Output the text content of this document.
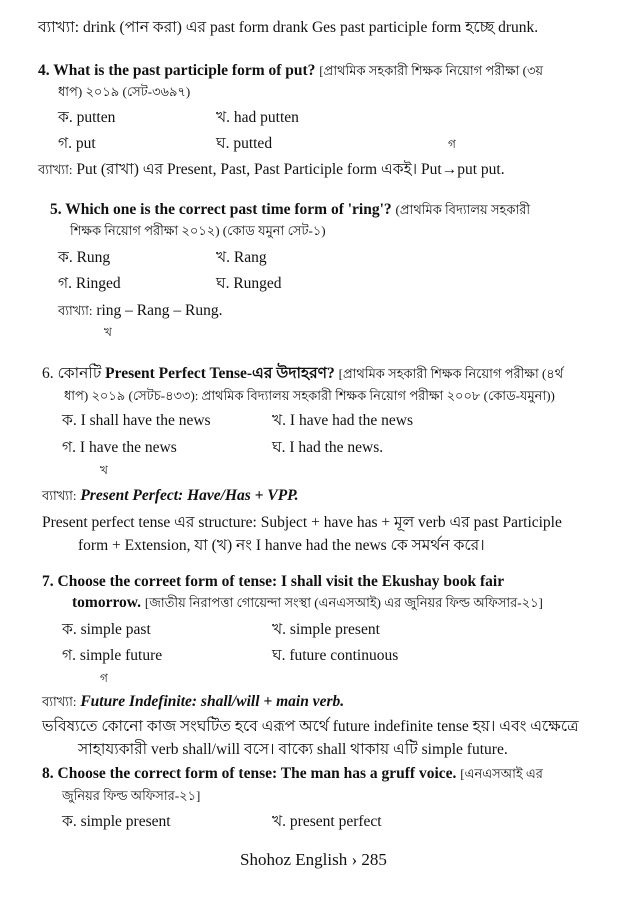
ব্যাখ্যা: drink (পান করা) এর past form drank Ges past participle form হচ্ছে drunk.
4. What is the past participle form of put? [প্রাথমিক সহকারী শিক্ষক নিয়োগ পরীক্ষা (৩য়
ধাপ) ২০১৯ (সেট-৩৬৯৭)
ক. putten	খ. had putten
গ. put	ঘ. putted	গ
ব্যাখ্যা: Put (রাখা) এর Present, Past, Past Participle form একই। Put→put put.
5. Which one is the correct past time form of 'ring'? (প্রাথমিক বিদ্যালয় সহকারী
শিক্ষক নিয়োগ পরীক্ষা ২০১২) (কোড যমুনা সেট-১)
ক. Rung	খ. Rang
গ. Ringed	ঘ. Runged
ব্যাখ্যা: ring – Rang – Rung.
খ
6. কোনটি Present Perfect Tense-এর উদাহরণ? [প্রাথমিক সহকারী শিক্ষক নিয়োগ পরীক্ষা (৪র্থ
ধাপ) ২০১৯ (সেটচ-৪৩৩): প্রাথমিক বিদ্যালয় সহকারী শিক্ষক নিয়োগ পরীক্ষা ২০০৮ (কোড-যমুনা))
ক. I shall have the news	খ. I have had the news
গ. I have the news	ঘ. I had the news.
খ
ব্যাখ্যা: Present Perfect: Have/Has + VPP.
Present perfect tense এর structure: Subject + have has + মূল verb এর past Participle
form + Extension, যা (খ) নং I hanve had the news কে সমর্থন করে।
7. Choose the correet form of tense: I shall visit the Ekushay book fair
tomorrow. [জাতীয় নিরাপত্তা গোয়েন্দা সংস্থা (এনএসআই) এর জুনিয়র ফিল্ড অফিসার-২১]
ক. simple past	খ. simple present
গ. simple future	ঘ. future continuous
গ
ব্যাখ্যা: Future Indefinite: shall/will + main verb.
ভবিষ্যতে কোনো কাজ সংঘটিত হবে এরূপ অর্থে future indefinite tense হয়। এবং এক্ষেত্রে
সাহায্যকারী verb shall/will বসে। বাক্যে shall থাকায় এটি simple future.
8. Choose the correct form of tense: The man has a gruff voice. [এনএসআই এর
জুনিয়র ফিল্ড অফিসার-২১]
ক. simple present	খ. present perfect
Shohoz English › 285
